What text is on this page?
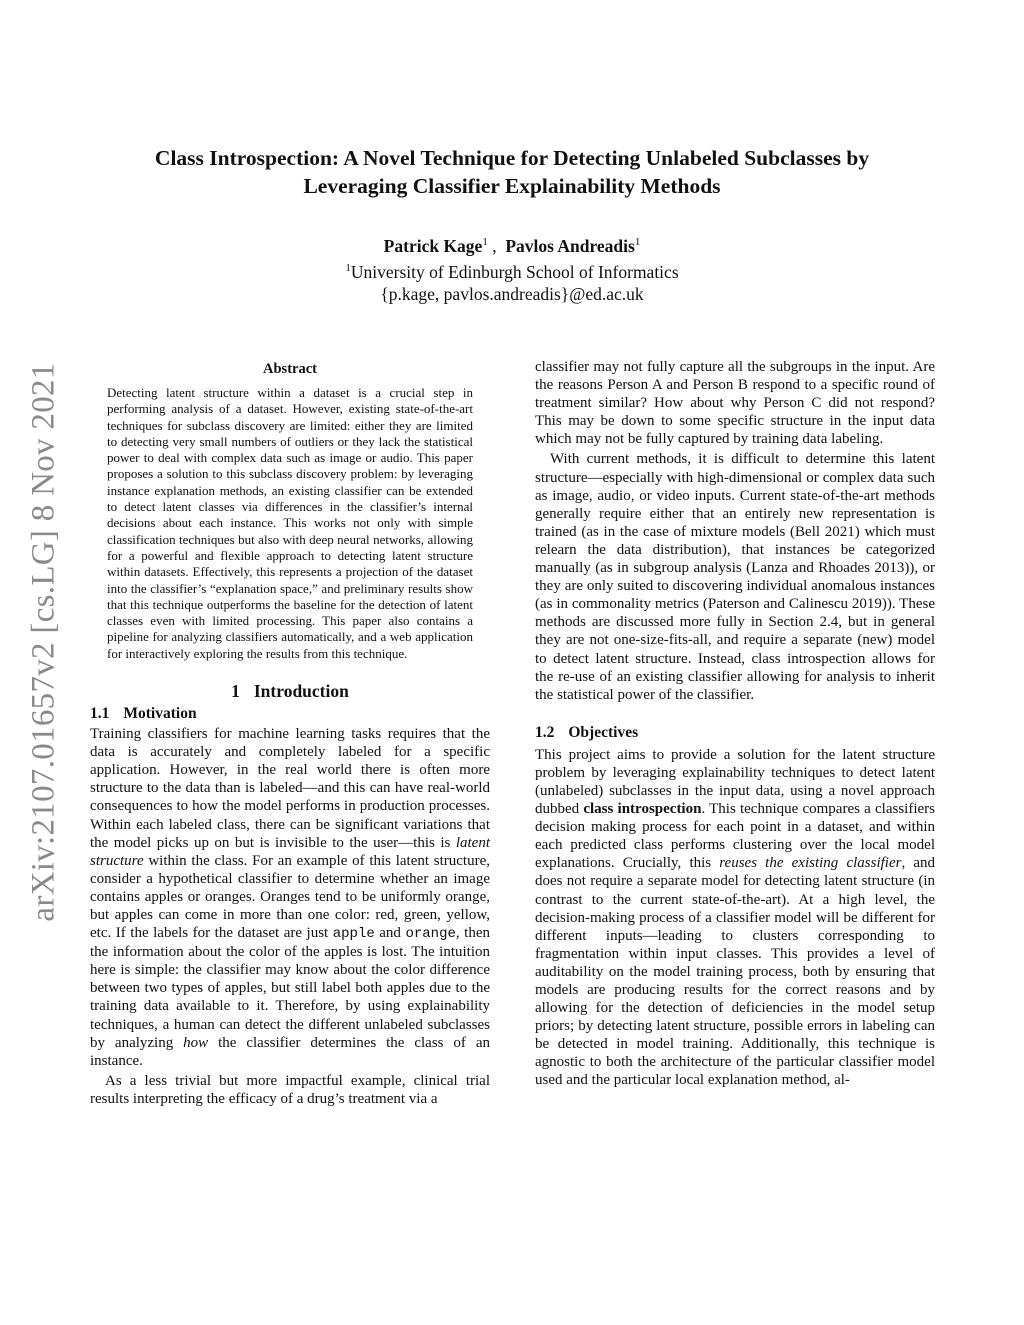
arXiv:2107.01657v2 [cs.LG] 8 Nov 2021
Class Introspection: A Novel Technique for Detecting Unlabeled Subclasses by
Leveraging Classifier Explainability Methods
Patrick Kage$^1$ ,  Pavlos Andreadis$^1$
$^1$University of Edinburgh School of Informatics
{p.kage, pavlos.andreadis}@ed.ac.uk
Abstract
Detecting latent structure within a dataset is a crucial step in performing analysis of a dataset. However, existing state-of-the-art techniques for subclass discovery are limited: either they are limited to detecting very small numbers of outliers or they lack the statistical power to deal with complex data such as image or audio. This paper proposes a solution to this subclass discovery problem: by leveraging instance explanation methods, an existing classifier can be extended to detect latent classes via differences in the classifier’s internal decisions about each instance. This works not only with simple classification techniques but also with deep neural networks, allowing for a powerful and flexible approach to detecting latent structure within datasets. Effectively, this represents a projection of the dataset into the classifier’s “explanation space,” and preliminary results show that this technique outperforms the baseline for the detection of latent classes even with limited processing. This paper also contains a pipeline for analyzing classifiers automatically, and a web application for interactively exploring the results from this technique.
1 Introduction
1.1 Motivation

Training classifiers for machine learning tasks requires that the data is accurately and completely labeled for a specific application. However, in the real world there is often more structure to the data than is labeled—and this can have real-world consequences to how the model performs in production processes. Within each labeled class, there can be significant variations that the model picks up on but is invisible to the user—this is latent structure within the class. For an example of this latent structure, consider a hypothetical classifier to determine whether an image contains apples or oranges. Oranges tend to be uniformly orange, but apples can come in more than one color: red, green, yellow, etc. If the labels for the dataset are just apple and orange, then the information about the color of the apples is lost. The intuition here is simple: the classifier may know about the color difference between two types of apples, but still label both apples due to the training data available to it. Therefore, by using explainability techniques, a human can detect the different unlabeled subclasses by analyzing how the classifier determines the class of an instance.

As a less trivial but more impactful example, clinical trial results interpreting the efficacy of a drug’s treatment via a

classifier may not fully capture all the subgroups in the input. Are the reasons Person A and Person B respond to a specific round of treatment similar? How about why Person C did not respond? This may be down to some specific structure in the input data which may not be fully captured by training data labeling.

With current methods, it is difficult to determine this latent structure—especially with high-dimensional or complex data such as image, audio, or video inputs. Current state-of-the-art methods generally require either that an entirely new representation is trained (as in the case of mixture models (Bell 2021) which must relearn the data distribution), that instances be categorized manually (as in subgroup analysis (Lanza and Rhoades 2013)), or they are only suited to discovering individual anomalous instances (as in commonality metrics (Paterson and Calinescu 2019)). These methods are discussed more fully in Section 2.4, but in general they are not one-size-fits-all, and require a separate (new) model to detect latent structure. Instead, class introspection allows for the re-use of an existing classifier allowing for analysis to inherit the statistical power of the classifier.

1.2 Objectives

This project aims to provide a solution for the latent structure problem by leveraging explainability techniques to detect latent (unlabeled) subclasses in the input data, using a novel approach dubbed class introspection. This technique compares a classifiers decision making process for each point in a dataset, and within each predicted class performs clustering over the local model explanations. Crucially, this reuses the existing classifier, and does not require a separate model for detecting latent structure (in contrast to the current state-of-the-art). At a high level, the decision-making process of a classifier model will be different for different inputs—leading to clusters corresponding to fragmentation within input classes. This provides a level of auditability on the model training process, both by ensuring that models are producing results for the correct reasons and by allowing for the detection of deficiencies in the model setup priors; by detecting latent structure, possible errors in labeling can be detected in model training. Additionally, this technique is agnostic to both the architecture of the particular classifier model used and the particular local explanation method, al-
